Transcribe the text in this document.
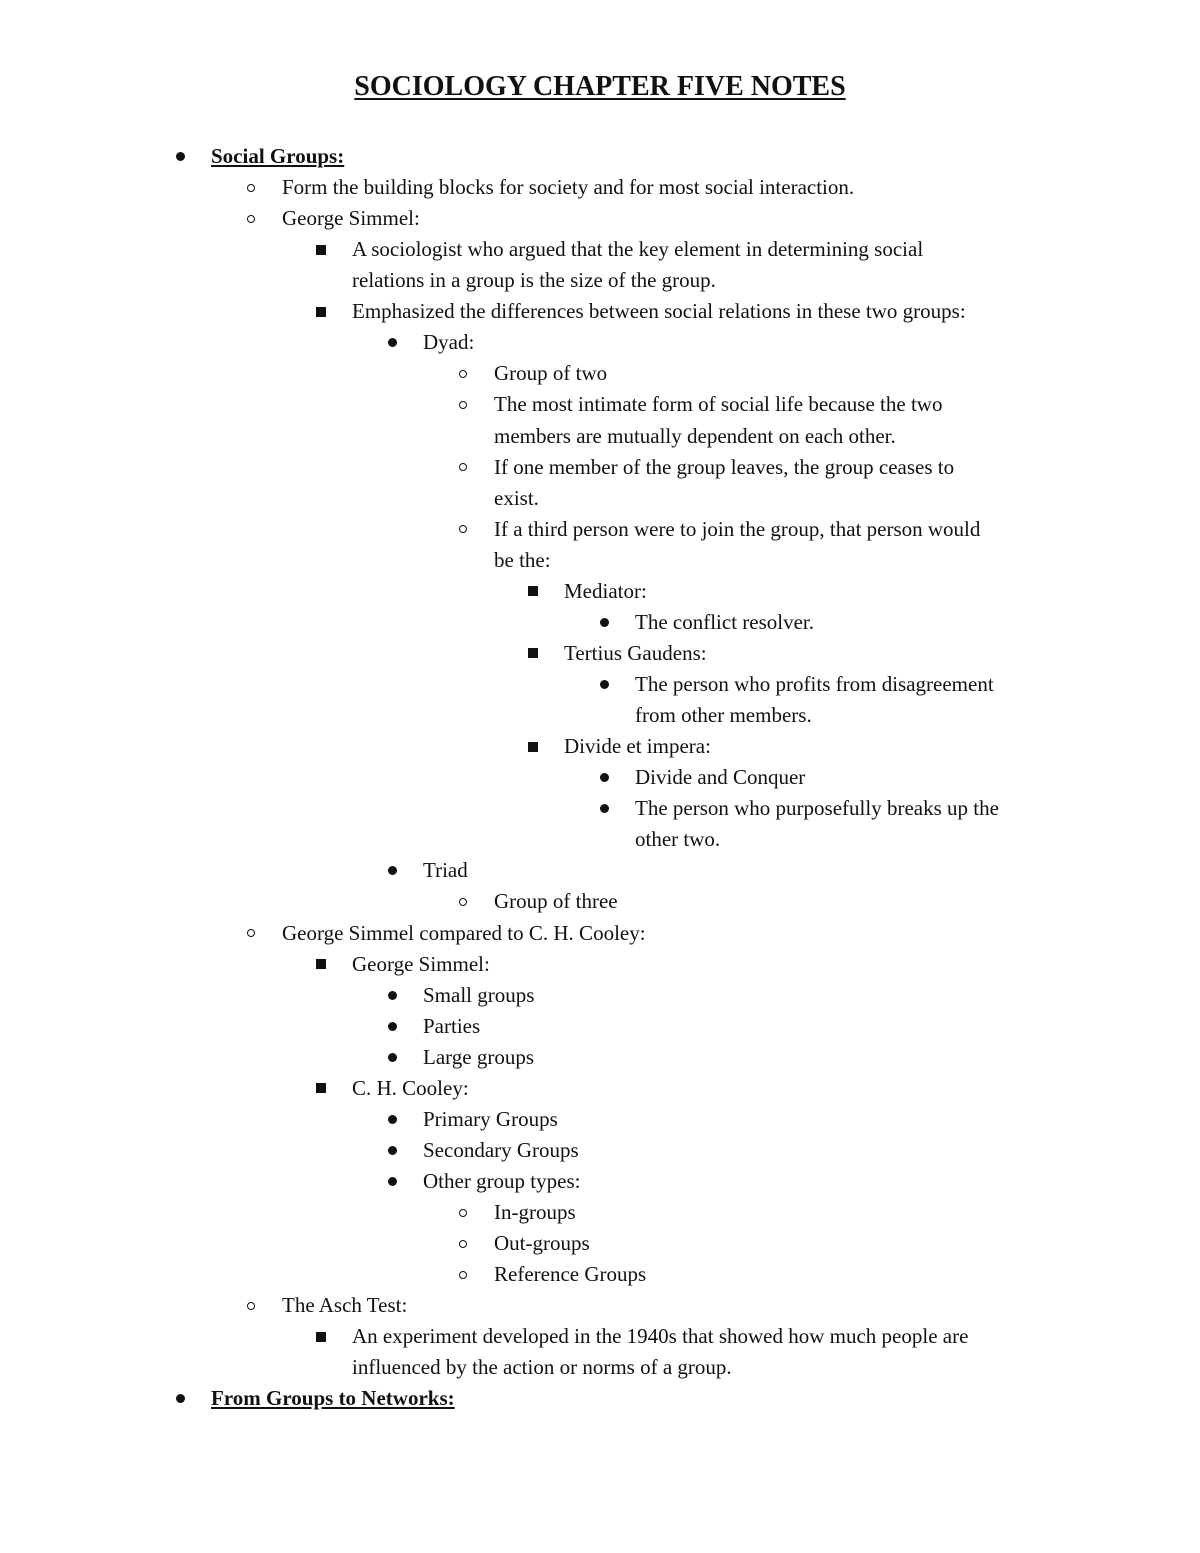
SOCIOLOGY CHAPTER FIVE NOTES
Social Groups:
Form the building blocks for society and for most social interaction.
George Simmel:
A sociologist who argued that the key element in determining social
relations in a group is the size of the group.
Emphasized the differences between social relations in these two groups:
Dyad:
Group of two
The most intimate form of social life because the two
members are mutually dependent on each other.
If one member of the group leaves, the group ceases to
exist.
If a third person were to join the group, that person would
be the:
Mediator:
The conflict resolver.
Tertius Gaudens:
The person who profits from disagreement
from other members.
Divide et impera:
Divide and Conquer
The person who purposefully breaks up the
other two.
Triad
Group of three
George Simmel compared to C. H. Cooley:
George Simmel:
Small groups
Parties
Large groups
C. H. Cooley:
Primary Groups
Secondary Groups
Other group types:
In-groups
Out-groups
Reference Groups
The Asch Test:
An experiment developed in the 1940s that showed how much people are
influenced by the action or norms of a group.
From Groups to Networks:
